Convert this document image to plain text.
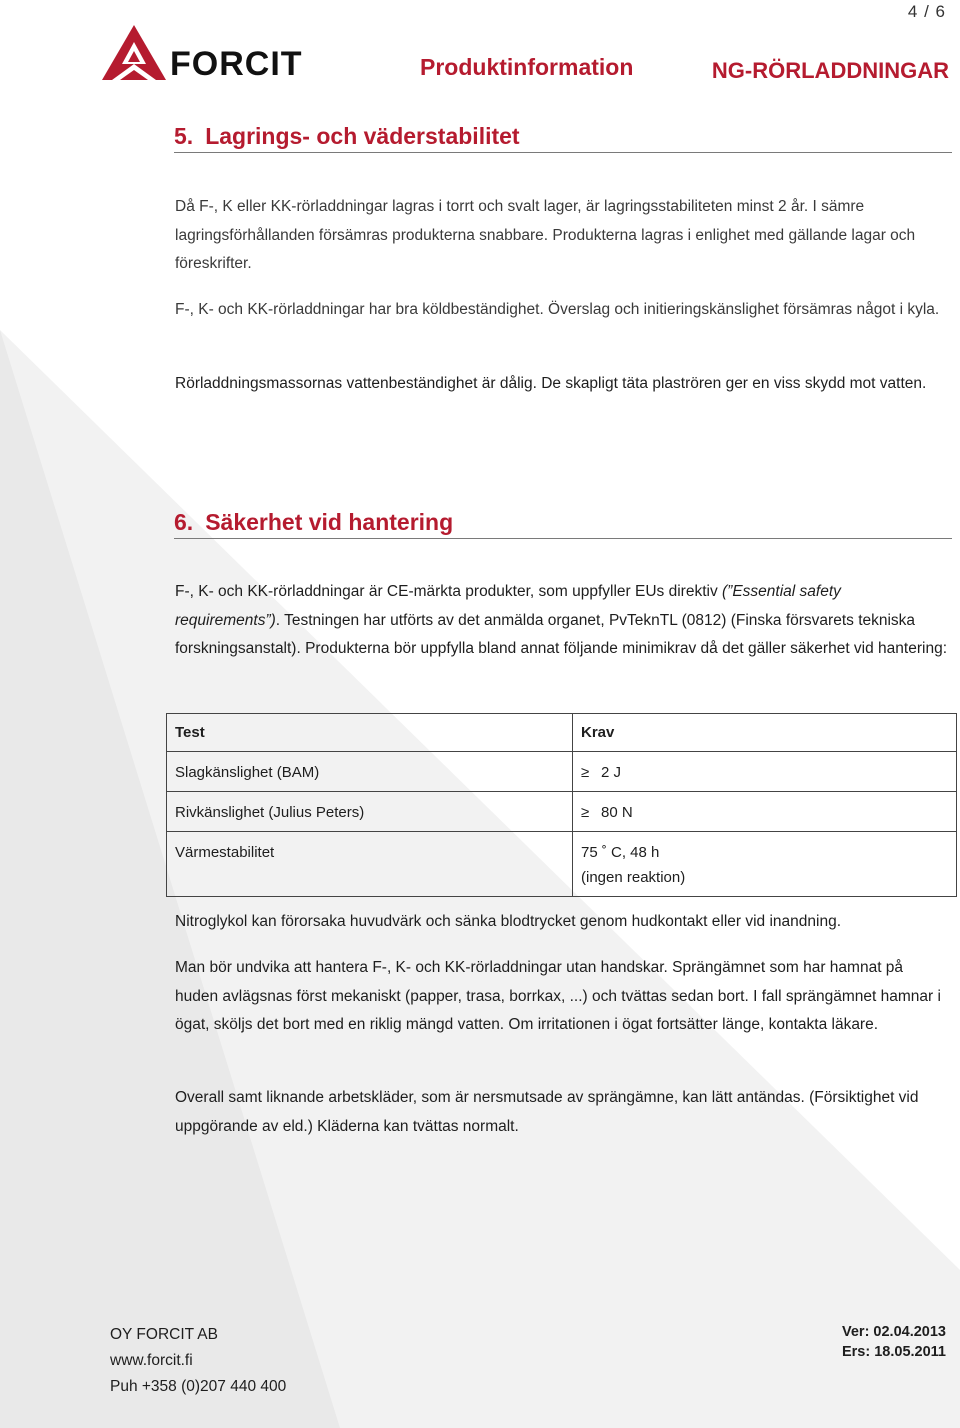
4 / 6
FORCIT	Produktinformation	NG-RÖRLADDNINGAR
5. Lagrings- och väderstabilitet
Då F-, K eller KK-rörladdningar lagras i torrt och svalt lager, är lagringsstabiliteten minst 2 år. I sämre lagringsförhållanden försämras produkterna snabbare. Produkterna lagras i enlighet med gällande lagar och föreskrifter.
F-, K- och KK-rörladdningar har bra köldbeständighet. Överslag och initieringskänslighet försämras något i kyla.
Rörladdningsmassornas vattenbeständighet är dålig. De skapligt täta plaströren ger en viss skydd mot vatten.
6. Säkerhet vid hantering
F-, K- och KK-rörladdningar är CE-märkta produkter, som uppfyller EUs direktiv (”Essential safety requirements”). Testningen har utförts av det anmälda organet, PvTeknTL (0812) (Finska försvarets tekniska forskningsanstalt). Produkterna bör uppfylla bland annat följande minimikrav då det gäller säkerhet vid hantering:
Test	Krav
Slagkänslighet (BAM)	≥ 2 J
Rivkänslighet (Julius Peters)	≥ 80 N
Värmestabilitet	75 ˚ C, 48 h
(ingen reaktion)
Nitroglykol kan förorsaka huvudvärk och sänka blodtrycket genom hudkontakt eller vid inandning.
Man bör undvika att hantera F-, K- och KK-rörladdningar utan handskar. Sprängämnet som har hamnat på huden avlägsnas först mekaniskt (papper, trasa, borrkax, ...) och tvättas sedan bort. I fall sprängämnet hamnar i ögat, sköljs det bort med en riklig mängd vatten. Om irritationen i ögat fortsätter länge, kontakta läkare.
Overall samt liknande arbetskläder, som är nersmutsade av sprängämne, kan lätt antändas. (Försiktighet vid uppgörande av eld.) Kläderna kan tvättas normalt.
OY FORCIT AB
www.forcit.fi
Puh +358 (0)207 440 400
Ver: 02.04.2013
Ers: 18.05.2011
